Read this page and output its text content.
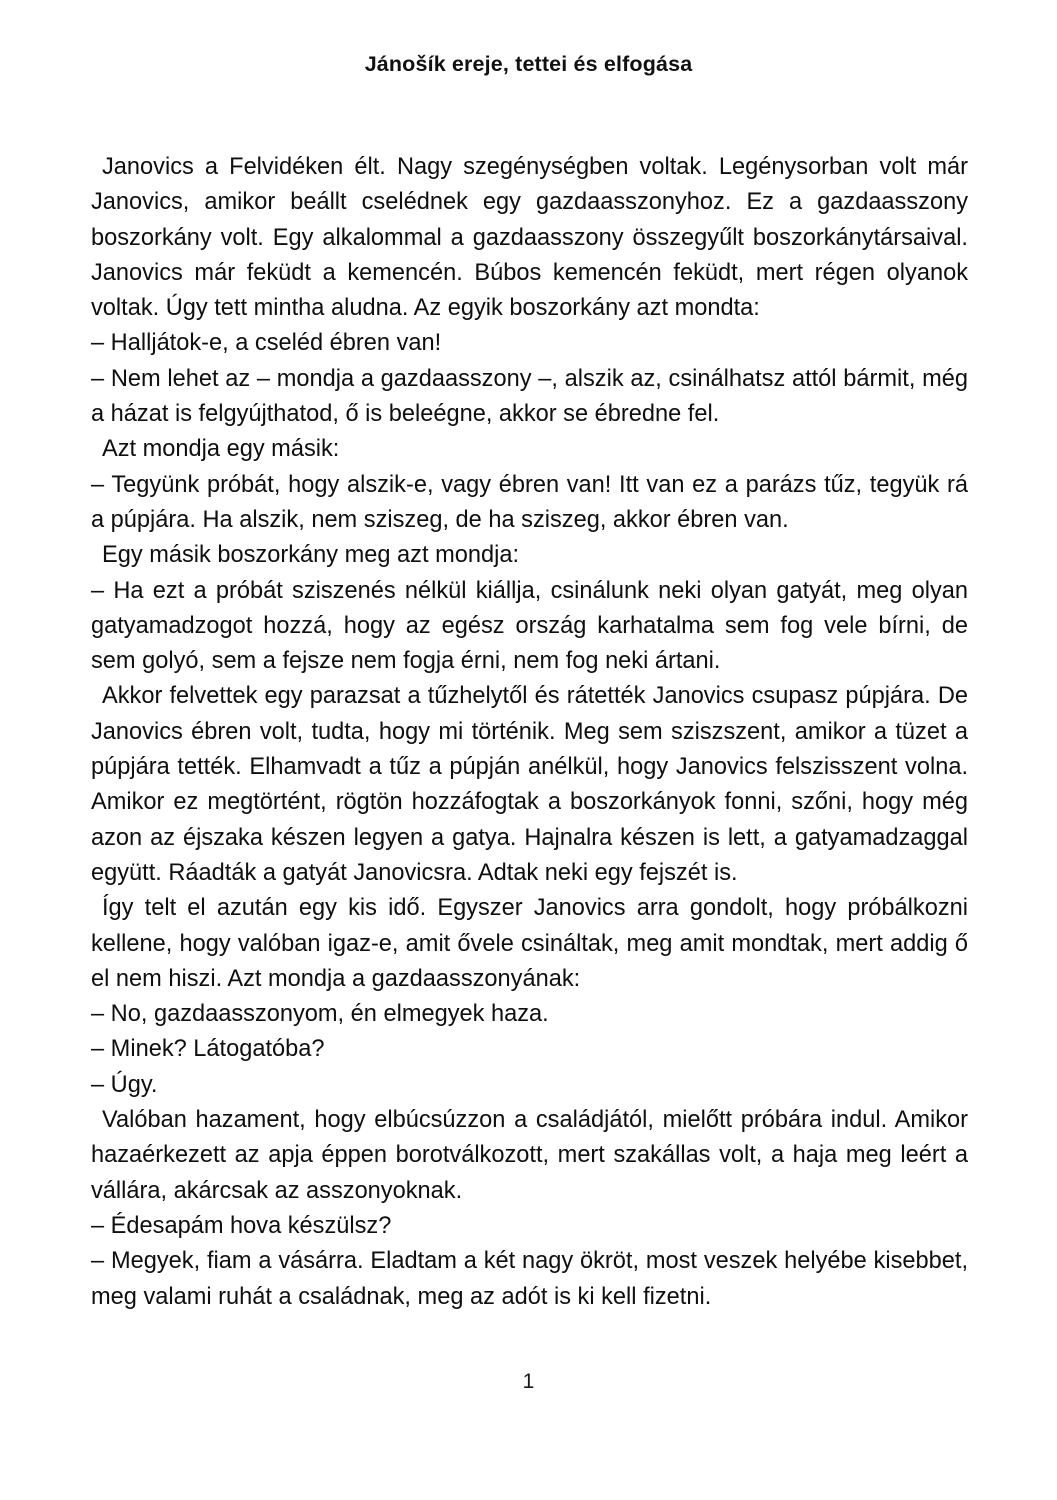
Jánošík ereje, tettei és elfogása

Janovics a Felvidéken élt. Nagy szegénységben voltak. Legénysorban volt már Janovics, amikor beállt cselédnek egy gazdaasszonyhoz. Ez a gazdaasszony boszorkány volt. Egy alkalommal a gazdaasszony összegyűlt boszorkánytársaival. Janovics már feküdt a kemencén. Búbos kemencén feküdt, mert régen olyanok voltak. Úgy tett mintha aludna. Az egyik boszorkány azt mondta:

– Halljátok-e, a cseléd ébren van!

– Nem lehet az – mondja a gazdaasszony –, alszik az, csinálhatsz attól bármit, még a házat is felgyújthatod, ő is beleégne, akkor se ébredne fel.

Azt mondja egy másik:

– Tegyünk próbát, hogy alszik-e, vagy ébren van! Itt van ez a parázs tűz, tegyük rá a púpjára. Ha alszik, nem sziszeg, de ha sziszeg, akkor ébren van.

Egy másik boszorkány meg azt mondja:

– Ha ezt a próbát sziszenés nélkül kiállja, csinálunk neki olyan gatyát, meg olyan gatyamadzogot hozzá, hogy az egész ország karhatalma sem fog vele bírni, de sem golyó, sem a fejsze nem fogja érni, nem fog neki ártani.

Akkor felvettek egy parazsat a tűzhelytől és rátették Janovics csupasz púpjára. De Janovics ébren volt, tudta, hogy mi történik. Meg sem sziszszent, amikor a tüzet a púpjára tették. Elhamvadt a tűz a púpján anélkül, hogy Janovics felszisszent volna. Amikor ez megtörtént, rögtön hozzáfogtak a boszorkányok fonni, szőni, hogy még azon az éjszaka készen legyen a gatya. Hajnalra készen is lett, a gatyamadzaggal együtt. Ráadták a gatyát Janovicsra. Adtak neki egy fejszét is.

Így telt el azután egy kis idő. Egyszer Janovics arra gondolt, hogy próbálkozni kellene, hogy valóban igaz-e, amit ővele csináltak, meg amit mondtak, mert addig ő el nem hiszi. Azt mondja a gazdaasszonyának:

– No, gazdaasszonyom, én elmegyek haza.

– Minek? Látogatóba?

– Úgy.

Valóban hazament, hogy elbúcsúzzon a családjától, mielőtt próbára indul. Amikor hazaérkezett az apja éppen borotválkozott, mert szakállas volt, a haja meg leért a vállára, akárcsak az asszonyoknak.

– Édesapám hova készülsz?

– Megyek, fiam a vásárra. Eladtam a két nagy ökröt, most veszek helyébe kisebbet, meg valami ruhát a családnak, meg az adót is ki kell fizetni.

1
